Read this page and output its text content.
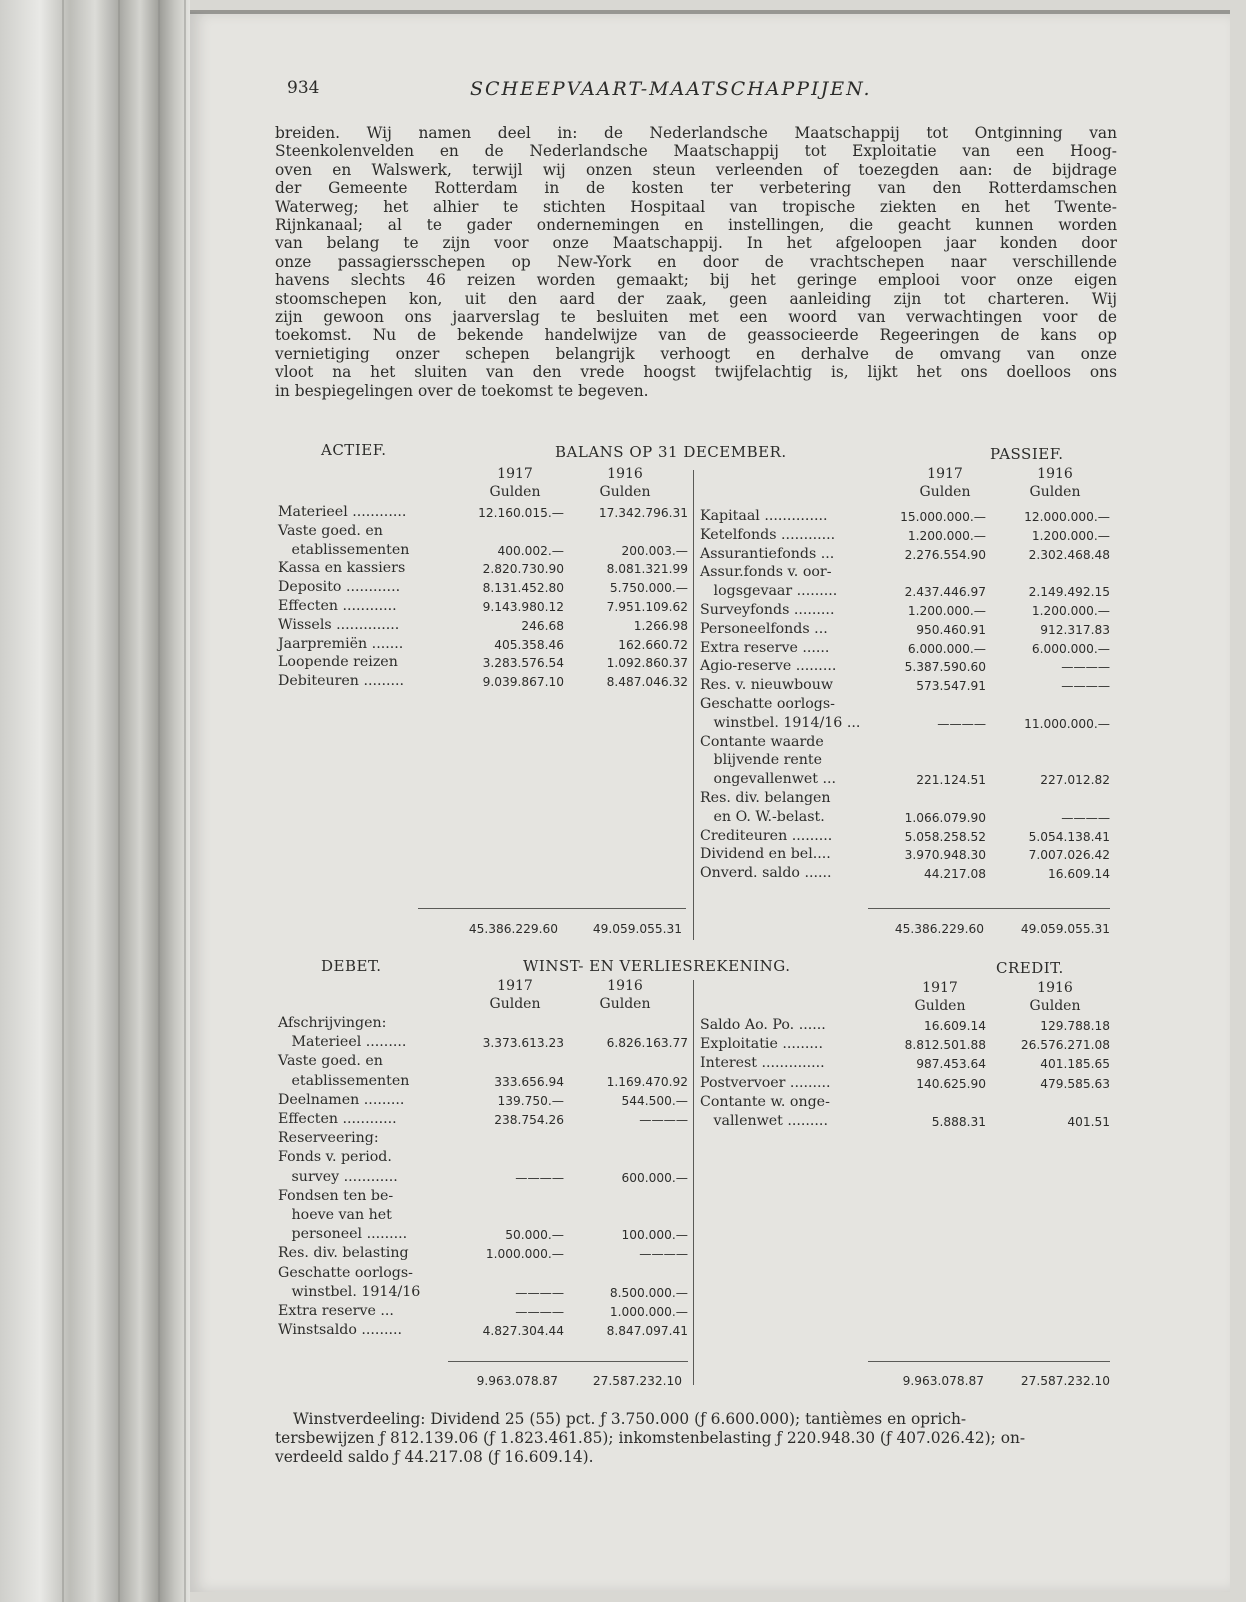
934	SCHEEPVAART-MAATSCHAPPIJEN.
breiden. Wij namen deel in: de Nederlandsche Maatschappij tot Ontginning van
Steenkolenvelden en de Nederlandsche Maatschappij tot Exploitatie van een Hoog-
oven en Walswerk, terwijl wij onzen steun verleenden of toezegden aan: de bijdrage
der Gemeente Rotterdam in de kosten ter verbetering van den Rotterdamschen
Waterweg; het alhier te stichten Hospitaal van tropische ziekten en het Twente-
Rijnkanaal; al te gader ondernemingen en instellingen, die geacht kunnen worden
van belang te zijn voor onze Maatschappij. In het afgeloopen jaar konden door
onze passagiersschepen op New-York en door de vrachtschepen naar verschillende
havens slechts 46 reizen worden gemaakt; bij het geringe emplooi voor onze eigen
stoomschepen kon, uit den aard der zaak, geen aanleiding zijn tot charteren. Wij
zijn gewoon ons jaarverslag te besluiten met een woord van verwachtingen voor de
toekomst. Nu de bekende handelwijze van de geassocieerde Regeeringen de kans op
vernietiging onzer schepen belangrijk verhoogt en derhalve de omvang van onze
vloot na het sluiten van den vrede hoogst twijfelachtig is, lijkt het ons doelloos ons
in bespiegelingen over de toekomst te begeven.
ACTIEF.	BALANS OP 31 DECEMBER.	PASSIEF.
1917	1916
Gulden	Gulden
1917	1916
Gulden	Gulden
Materieel ............	12.160.015.—	17.342.796.31
Vaste goed. en
etablissementen	400.002.—	200.003.—
Kassa en kassiers	2.820.730.90	8.081.321.99
Deposito ............	8.131.452.80	5.750.000.—
Effecten ............	9.143.980.12	7.951.109.62
Wissels ..............	246.68	1.266.98
Jaarpremiën .......	405.358.46	162.660.72
Loopende reizen	3.283.576.54	1.092.860.37
Debiteuren .........	9.039.867.10	8.487.046.32
Kapitaal ..............	15.000.000.—	12.000.000.—
Ketelfonds ............	1.200.000.—	1.200.000.—
Assurantiefonds ...	2.276.554.90	2.302.468.48
Assur.fonds v. oor-
logsgevaar .........	2.437.446.97	2.149.492.15
Surveyfonds .........	1.200.000.—	1.200.000.—
Personeelfonds ...	950.460.91	912.317.83
Extra reserve ......	6.000.000.—	6.000.000.—
Agio-reserve .........	5.387.590.60	————
Res. v. nieuwbouw	573.547.91	————
Geschatte oorlogs-
winstbel. 1914/16 ...	————	11.000.000.—
Contante waarde
blijvende rente
ongevallenwet ...	221.124.51	227.012.82
Res. div. belangen
en O. W.-belast.	1.066.079.90	————
Crediteuren .........	5.058.258.52	5.054.138.41
Dividend en bel....	3.970.948.30	7.007.026.42
Onverd. saldo ......	44.217.08	16.609.14
45.386.229.60	49.059.055.31	45.386.229.60	49.059.055.31
DEBET.	WINST- EN VERLIESREKENING.	CREDIT.
1917	1916
Gulden	Gulden
1917	1916
Gulden	Gulden
Afschrijvingen:
Materieel .........	3.373.613.23	6.826.163.77
Vaste goed. en
etablissementen	333.656.94	1.169.470.92
Deelnamen .........	139.750.—	544.500.—
Effecten ............	238.754.26	————
Reserveering:
Fonds v. period.
survey ............	————	600.000.—
Fondsen ten be-
hoeve van het
personeel .........	50.000.—	100.000.—
Res. div. belasting	1.000.000.—	————
Geschatte oorlogs-
winstbel. 1914/16	————	8.500.000.—
Extra reserve ...	————	1.000.000.—
Winstsaldo .........	4.827.304.44	8.847.097.41
Saldo Ao. Po. ......	16.609.14	129.788.18
Exploitatie .........	8.812.501.88	26.576.271.08
Interest ..............	987.453.64	401.185.65
Postvervoer .........	140.625.90	479.585.63
Contante w. onge-
vallenwet .........	5.888.31	401.51
9.963.078.87	27.587.232.10	9.963.078.87	27.587.232.10
Winstverdeeling: Dividend 25 (55) pct. ƒ 3.750.000 (ƒ 6.600.000); tantièmes en oprich-
tersbewijzen ƒ 812.139.06 (ƒ 1.823.461.85); inkomstenbelasting ƒ 220.948.30 (ƒ 407.026.42); on-
verdeeld saldo ƒ 44.217.08 (ƒ 16.609.14).
